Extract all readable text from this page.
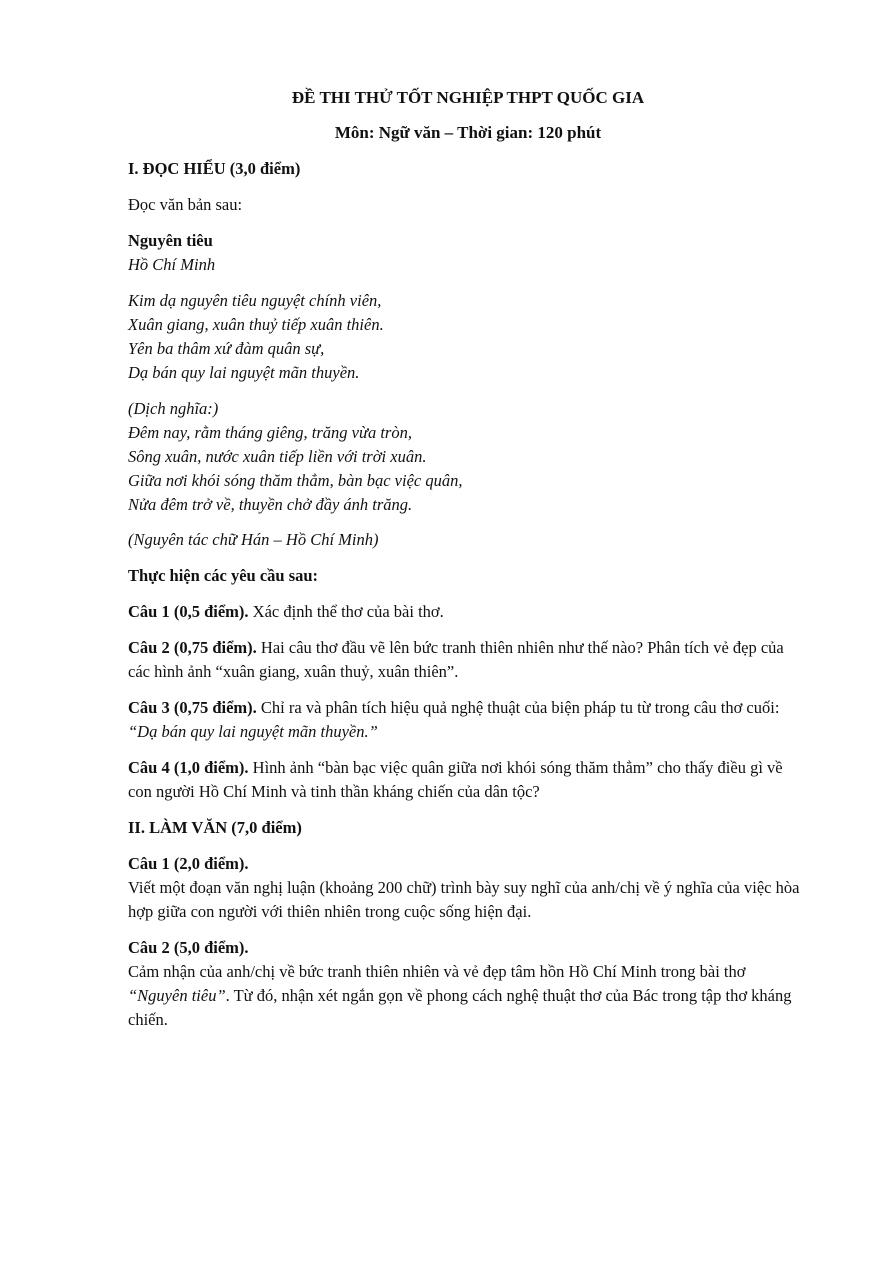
ĐỀ THI THỬ TỐT NGHIỆP THPT QUỐC GIA
Môn: Ngữ văn – Thời gian: 120 phút
I. ĐỌC HIỂU (3,0 điểm)
Đọc văn bản sau:
Nguyên tiêu
Hồ Chí Minh

Kim dạ nguyên tiêu nguyệt chính viên,

Xuân giang, xuân thuỷ tiếp xuân thiên.

Yên ba thâm xứ đàm quân sự,

Dạ bán quy lai nguyệt mãn thuyền.

(Dịch nghĩa:)

Đêm nay, rằm tháng giêng, trăng vừa tròn,

Sông xuân, nước xuân tiếp liền với trời xuân.

Giữa nơi khói sóng thăm thẳm, bàn bạc việc quân,

Nửa đêm trở về, thuyền chở đầy ánh trăng.

(Nguyên tác chữ Hán – Hồ Chí Minh)
Thực hiện các yêu cầu sau:
Câu 1 (0,5 điểm). Xác định thể thơ của bài thơ.
Câu 2 (0,75 điểm). Hai câu thơ đầu vẽ lên bức tranh thiên nhiên như thế nào? Phân tích vẻ đẹp của các hình ảnh “xuân giang, xuân thuỷ, xuân thiên”.
Câu 3 (0,75 điểm). Chỉ ra và phân tích hiệu quả nghệ thuật của biện pháp tu từ trong câu thơ cuối: “Dạ bán quy lai nguyệt mãn thuyền.”
Câu 4 (1,0 điểm). Hình ảnh “bàn bạc việc quân giữa nơi khói sóng thăm thẳm” cho thấy điều gì về con người Hồ Chí Minh và tinh thần kháng chiến của dân tộc?
II. LÀM VĂN (7,0 điểm)

Câu 1 (2,0 điểm).

Viết một đoạn văn nghị luận (khoảng 200 chữ) trình bày suy nghĩ của anh/chị về ý nghĩa của việc hòa hợp giữa con người với thiên nhiên trong cuộc sống hiện đại.

Câu 2 (5,0 điểm).

Cảm nhận của anh/chị về bức tranh thiên nhiên và vẻ đẹp tâm hồn Hồ Chí Minh trong bài thơ “Nguyên tiêu”. Từ đó, nhận xét ngắn gọn về phong cách nghệ thuật thơ của Bác trong tập thơ kháng chiến.
